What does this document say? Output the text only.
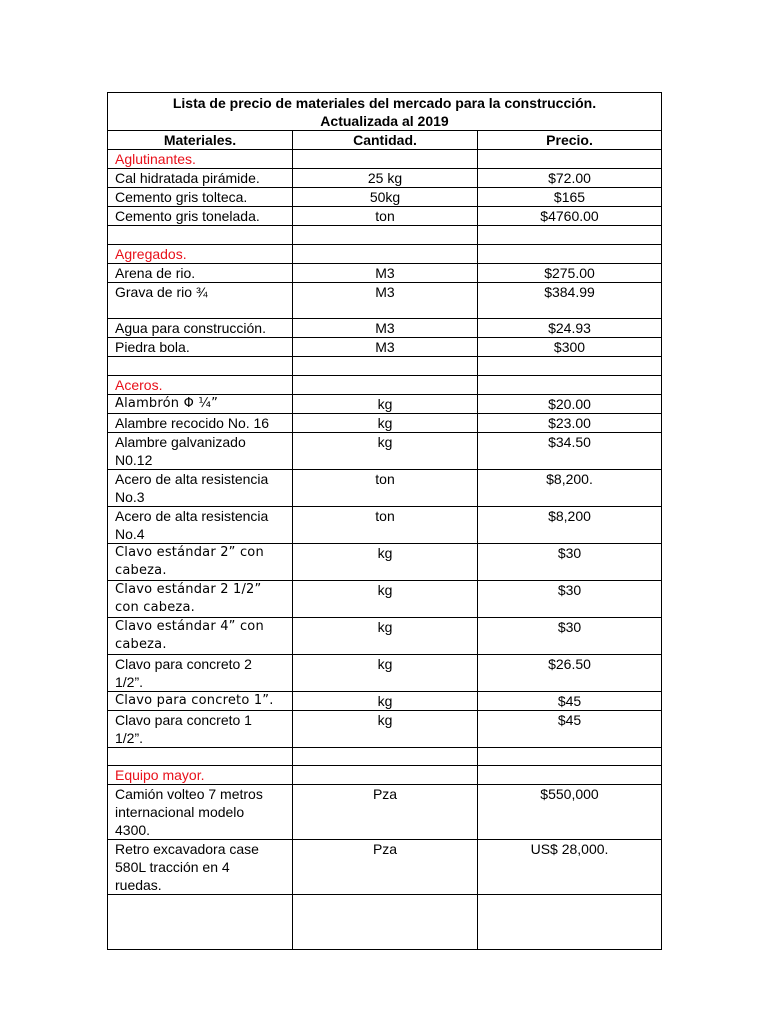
Lista de precio de materiales del mercado para la construcción.
Actualizada al 2019		

Materiales.	Cantidad.	Precio.
Aglutinantes.		

Cal hidratada pirámide.	25 kg	$72.00

Cemento gris tolteca.	50kg	$165

Cemento gris tonelada.	ton	$4760.00

Agregados.		

Arena de rio.	M3	$275.00

Grava de rio ¾	M3	$384.99

Agua para construcción.	M3	$24.93

Piedra bola.	M3	$300

Aceros.		

Alambrón Φ ¼”	kg	$20.00

Alambre recocido No. 16	kg	$23.00

Alambre galvanizado
N0.12	kg	$34.50

Acero de alta resistencia
No.3	ton	$8,200.

Acero de alta resistencia
No.4	ton	$8,200

Clavo estándar 2” con
cabeza.	kg	$30

Clavo estándar 2 1/2”
con cabeza.	kg	$30

Clavo estándar 4” con
cabeza.	kg	$30

Clavo para concreto 2
1/2”.	kg	$26.50

Clavo para concreto 1”.	kg	$45

Clavo para concreto 1
1/2”.	kg	$45

Equipo mayor.		

Camión volteo 7 metros
internacional modelo
4300.	Pza	$550,000

Retro excavadora case
580L tracción en 4
ruedas.	Pza	US$ 28,000.
